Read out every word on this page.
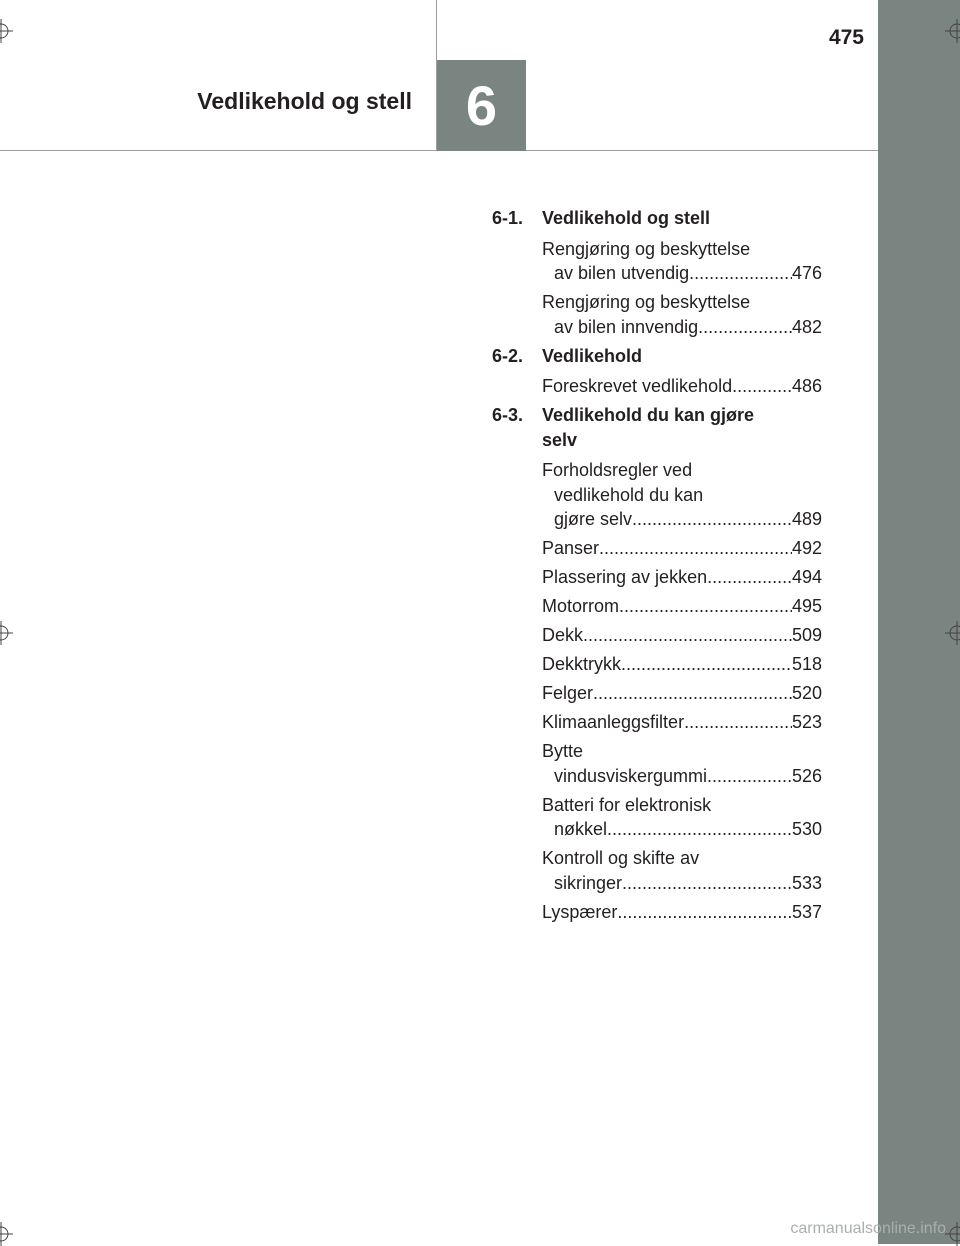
6
Vedlikehold og stell
475
6-1.	Vedlikehold og stell
Rengjøring og beskyttelse
av bilen utvendig .....	476
Rengjøring og beskyttelse
av bilen innvendig .....	482
6-2.	Vedlikehold
Foreskrevet vedlikehold .....	486
6-3.	Vedlikehold du kan gjøre
selv
Forholdsregler ved
vedlikehold du kan
gjøre selv .....	489
Panser .....	492
Plassering av jekken .....	494
Motorrom .....	495
Dekk .....	509
Dekktrykk .....	518
Felger .....	520
Klimaanleggsfilter .....	523
Bytte
vindusviskergummi .....	526
Batteri for elektronisk
nøkkel .....	530
Kontroll og skifte av
sikringer .....	533
Lyspærer .....	537
carmanualsonline.info
